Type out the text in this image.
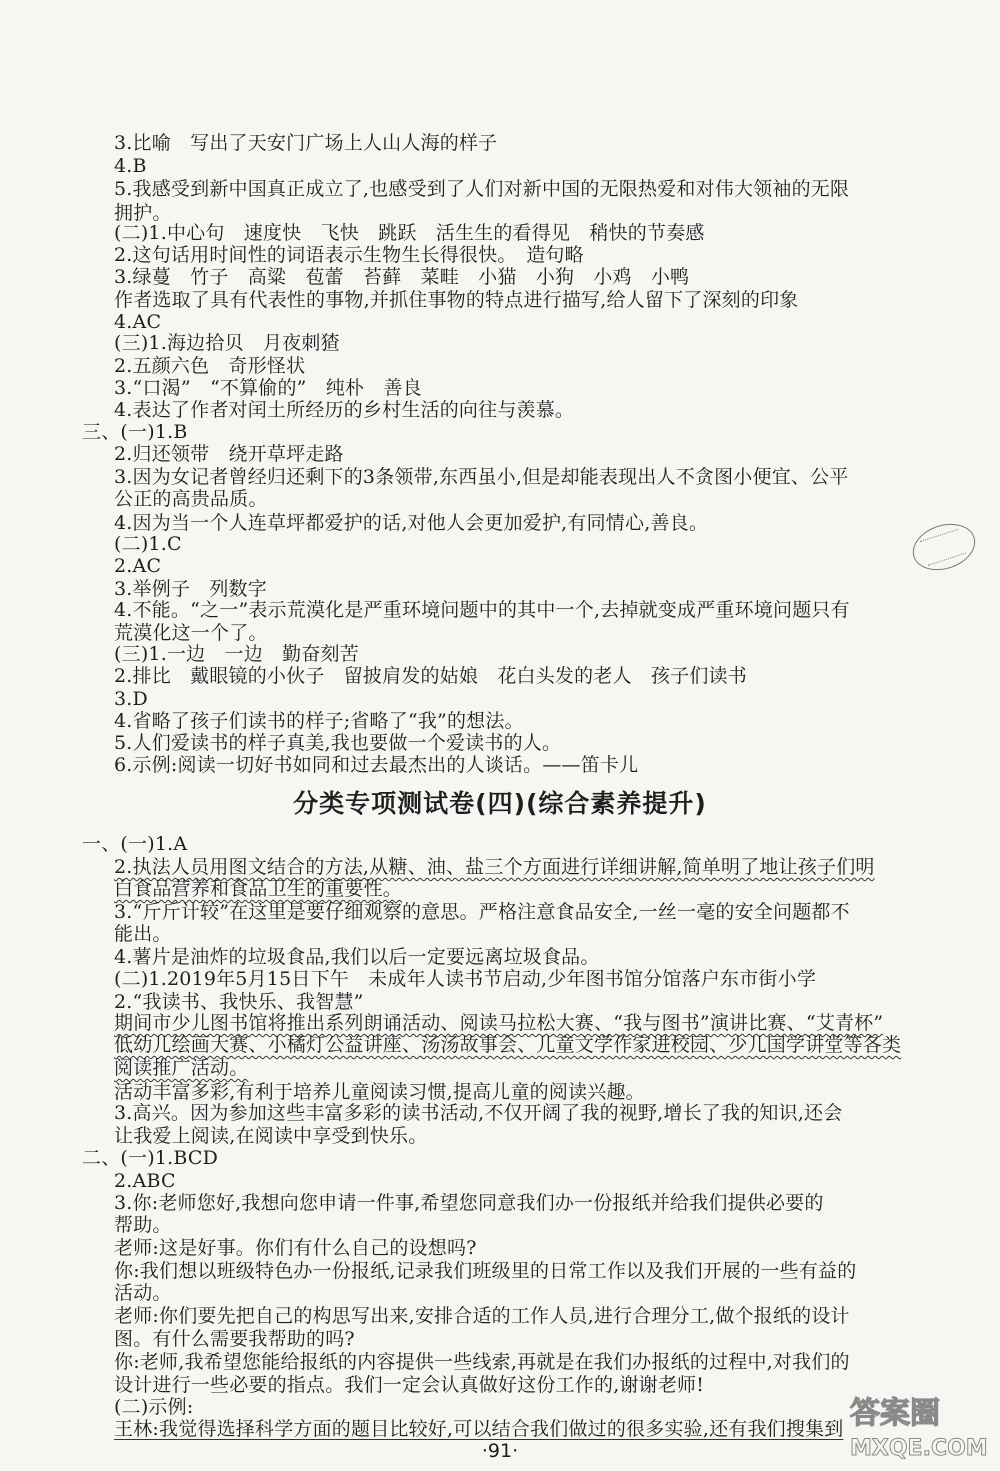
3.比喻　写出了天安门广场上人山人海的样子
4.B
5.我感受到新中国真正成立了,也感受到了人们对新中国的无限热爱和对伟大领袖的无限
拥护。
(二)1.中心句　速度快　飞快　跳跃　活生生的看得见　稍快的节奏感
2.这句话用时间性的词语表示生物生长得很快。　造句略
3.绿蔓　竹子　高粱　苞蕾　苔藓　菜畦　小猫　小狗　小鸡　小鸭
作者选取了具有代表性的事物,并抓住事物的特点进行描写,给人留下了深刻的印象
4.AC
(三)1.海边拾贝　月夜刺猹
2.五颜六色　奇形怪状
3.“口渴”　“不算偷的”　纯朴　善良
4.表达了作者对闰土所经历的乡村生活的向往与羡慕。
三、(一)1.B
2.归还领带　绕开草坪走路
3.因为女记者曾经归还剩下的3条领带,东西虽小,但是却能表现出人不贪图小便宜、公平
公正的高贵品质。
4.因为当一个人连草坪都爱护的话,对他人会更加爱护,有同情心,善良。
(二)1.C
2.AC
3.举例子　列数字
4.不能。“之一”表示荒漠化是严重环境问题中的其中一个,去掉就变成严重环境问题只有
荒漠化这一个了。
(三)1.一边　一边　勤奋刻苦
2.排比　戴眼镜的小伙子　留披肩发的姑娘　花白头发的老人　孩子们读书
3.D
4.省略了孩子们读书的样子;省略了“我”的想法。
5.人们爱读书的样子真美,我也要做一个爱读书的人。
6.示例:阅读一切好书如同和过去最杰出的人谈话。——笛卡儿
一、(一)1.A
2.执法人员用图文结合的方法,从糖、油、盐三个方面进行详细讲解,简单明了地让孩子们明
白食品营养和食品卫生的重要性。
3.“斤斤计较”在这里是要仔细观察的意思。严格注意食品安全,一丝一毫的安全问题都不
能出。
4.薯片是油炸的垃圾食品,我们以后一定要远离垃圾食品。
(二)1.2019年5月15日下午　未成年人读书节启动,少年图书馆分馆落户东市街小学
2.“我读书、我快乐、我智慧”
期间市少儿图书馆将推出系列朗诵活动、阅读马拉松大赛、“我与图书”演讲比赛、“艾青杯”
低幼儿绘画大赛、小橘灯公益讲座、汤汤故事会、儿童文学作家进校园、少儿国学讲堂等各类
阅读推广活动。
活动丰富多彩,有利于培养儿童阅读习惯,提高儿童的阅读兴趣。
3.高兴。因为参加这些丰富多彩的读书活动,不仅开阔了我的视野,增长了我的知识,还会
让我爱上阅读,在阅读中享受到快乐。
二、(一)1.BCD
2.ABC
3.你:老师您好,我想向您申请一件事,希望您同意我们办一份报纸并给我们提供必要的
帮助。
老师:这是好事。你们有什么自己的设想吗?
你:我们想以班级特色办一份报纸,记录我们班级里的日常工作以及我们开展的一些有益的
活动。
老师:你们要先把自己的构思写出来,安排合适的工作人员,进行合理分工,做个报纸的设计
图。有什么需要我帮助的吗?
你:老师,我希望您能给报纸的内容提供一些线索,再就是在我们办报纸的过程中,对我们的
设计进行一些必要的指点。我们一定会认真做好这份工作的,谢谢老师!
(二)示例:
王林:我觉得选择科学方面的题目比较好,可以结合我们做过的很多实验,还有我们搜集到
分类专项测试卷(四)(综合素养提升)
答案圈
MXQE.COM
·91·
